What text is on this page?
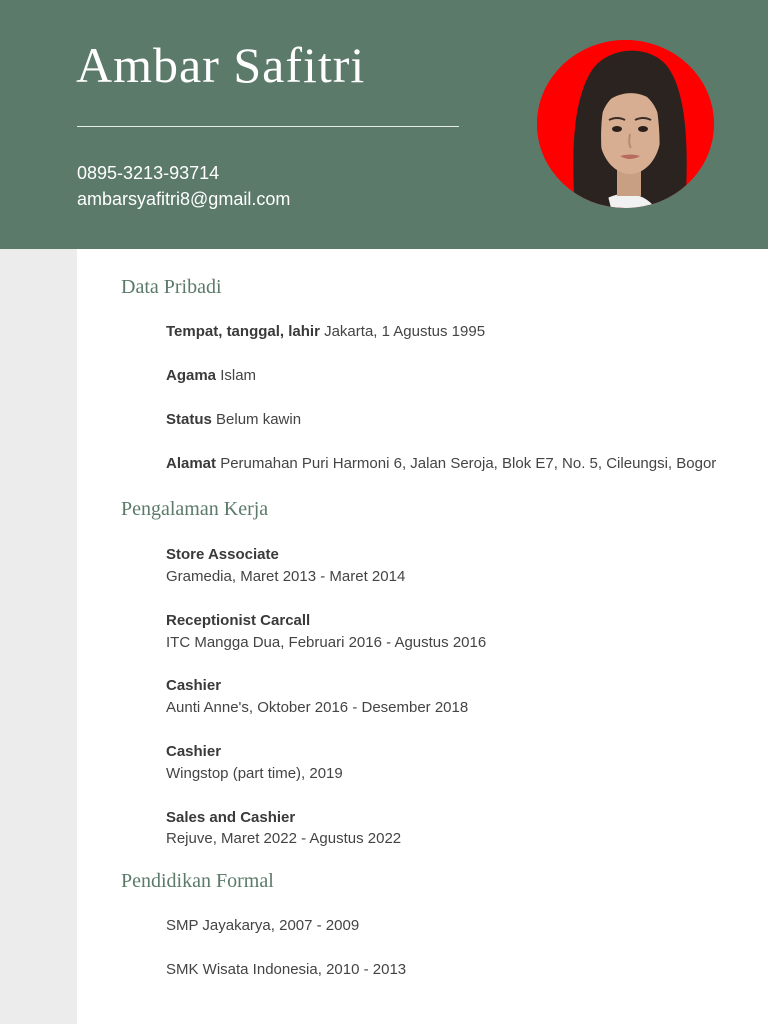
Ambar Safitri
0895-3213-93714
ambarsyafitri8@gmail.com
Data Pribadi
Tempat, tanggal, lahir Jakarta, 1 Agustus 1995
Agama Islam
Status Belum kawin
Alamat Perumahan Puri Harmoni 6, Jalan Seroja, Blok E7, No. 5, Cileungsi, Bogor
Pengalaman Kerja
Store Associate
Gramedia, Maret 2013 - Maret 2014
Receptionist Carcall
ITC Mangga Dua, Februari 2016 - Agustus 2016
Cashier
Aunti Anne's, Oktober 2016 - Desember 2018
Cashier
Wingstop (part time), 2019
Sales and Cashier
Rejuve, Maret 2022 - Agustus 2022
Pendidikan Formal
SMP Jayakarya, 2007 - 2009
SMK Wisata Indonesia, 2010 - 2013
